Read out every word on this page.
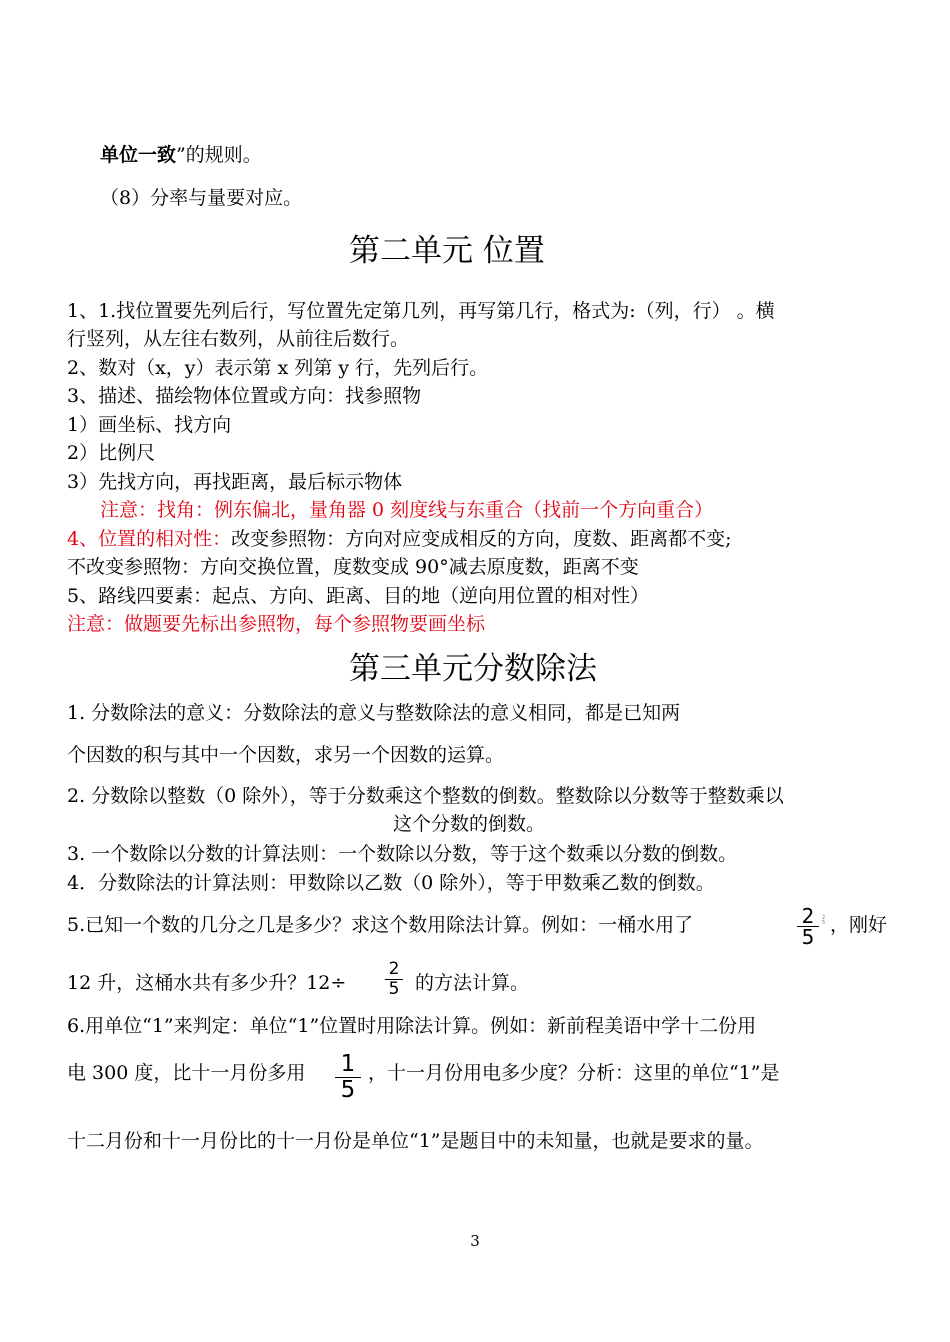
单位一致”的规则。
（8）分率与量要对应。
第二单元 位置
1、1.找位置要先列后行，写位置先定第几列，再写第几行，格式为:（列，行） 。横
行竖列，从左往右数列，从前往后数行。
2、数对（x，y）表示第 x 列第 y 行，先列后行。
3、描述、描绘物体位置或方向：找参照物
1）画坐标、找方向
2）比例尺
3）先找方向，再找距离，最后标示物体
注意：找角：例东偏北，量角器 0 刻度线与东重合（找前一个方向重合）
4、位置的相对性：改变参照物：方向对应变成相反的方向，度数、距离都不变;
不改变参照物：方向交换位置，度数变成 90°减去原度数，距离不变
5、路线四要素：起点、方向、距离、目的地（逆向用位置的相对性）
注意：做题要先标出参照物，每个参照物要画坐标
第三单元分数除法
1. 分数除法的意义：分数除法的意义与整数除法的意义相同，都是已知两
个因数的积与其中一个因数，求另一个因数的运算。
2. 分数除以整数（0 除外），等于分数乘这个整数的倒数。整数除以分数等于整数乘以
这个分数的倒数。
3. 一个数除以分数的计算法则：一个数除以分数，等于这个数乘以分数的倒数。
4．分数除法的计算法则：甲数除以乙数（0 除外），等于甲数乘乙数的倒数。
5.已知一个数的几分之几是多少？求这个数用除法计算。例如：一桶水用了	2
5
2
5 ，刚好
12 升，这桶水共有多少升？12÷
2
5 的方法计算。
6.用单位“1”来判定：单位“1”位置时用除法计算。例如：新前程美语中学十二份用
电 300 度，比十一月份多用 1
5
，十一月份用电多少度？分析：这里的单位“1”是
十二月份和十一月份比的十一月份是单位“1”是题目中的未知量，也就是要求的量。
3
